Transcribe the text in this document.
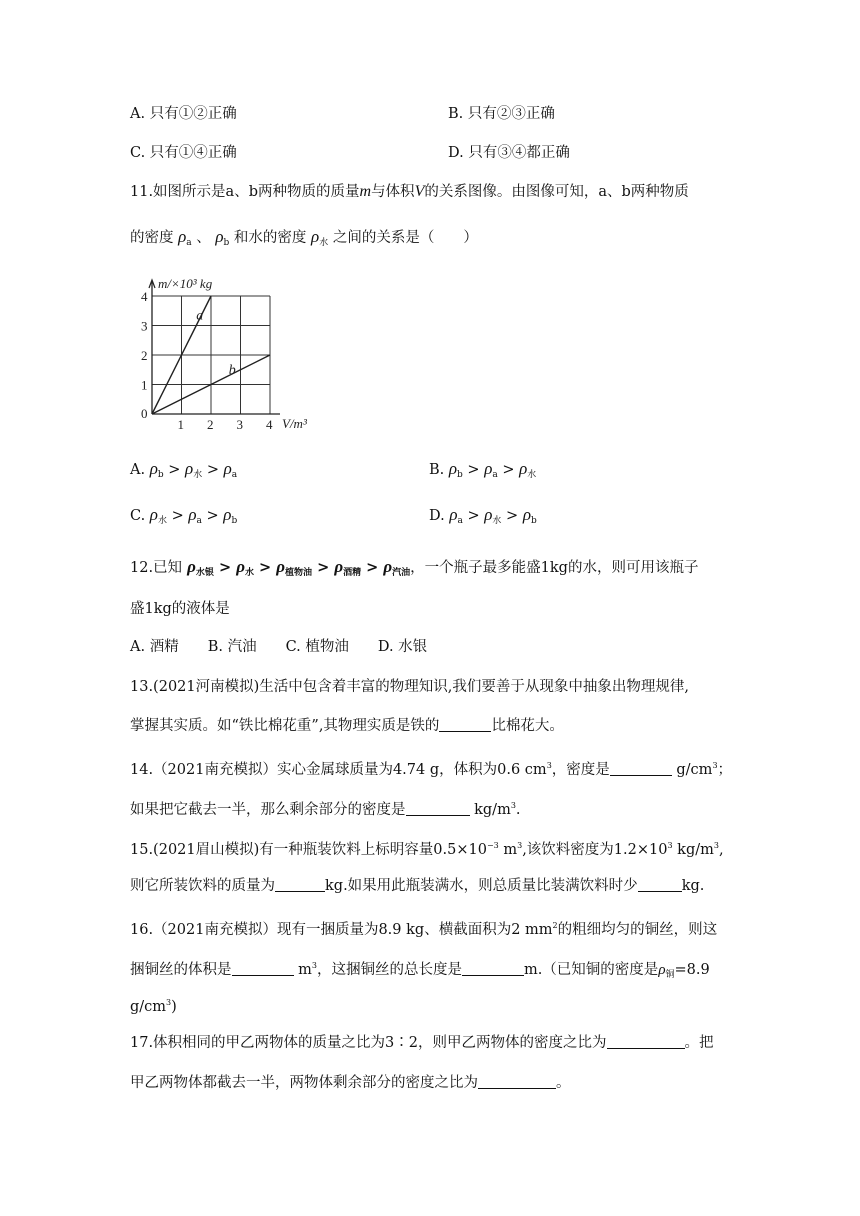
A. 只有①②正确	B. 只有②③正确
C. 只有①④正确	D. 只有③④都正确
11.如图所示是a、b两种物质的质量m与体积V的关系图像。由图像可知，a、b两种物质
的密度 $\rho_a$ 、 $\rho_b$ 和水的密度 $\rho_水$ 之间的关系是（　　）
a
b
1 2 3 4
1
2
3
4
0
m/×10³ kg
V/m³
A. $\rho_b > \rho_水 > \rho_a$	B. $\rho_b > \rho_a > \rho_水$
C. $\rho_水 > \rho_a > \rho_b$	D. $\rho_a > \rho_水 > \rho_b$
12.已知 $\rho_{水银} > \rho_水 > \rho_{植物油} > \rho_{酒精} > \rho_{汽油}$，一个瓶子最多能盛1kg的水，则可用该瓶子
盛1kg的液体是
A. 酒精　　B. 汽油　　C. 植物油　　D. 水银
13.(2021河南模拟)生活中包含着丰富的物理知识,我们要善于从现象中抽象出物理规律,
掌握其实质。如“铁比棉花重”,其物理实质是铁的	比棉花大。
14.（2021南充模拟）实心金属球质量为4.74 g，体积为0.6 $cm^3$，密度是	$g/cm^3$；
如果把它截去一半，那么剩余部分的密度是	$kg/m^3$.
15.(2021眉山模拟)有一种瓶装饮料上标明容量$0.5\times 10^{-3}$ $m^3$,该饮料密度为$1.2\times 10^3$ $kg/m^3$,
则它所装饮料的质量为	kg.如果用此瓶装满水，则总质量比装满饮料时少	kg.
16.（2021南充模拟）现有一捆质量为8.9 kg、横截面积为2 $mm^2$的粗细均匀的铜丝，则这
捆铜丝的体积是	$m^3$，这捆铜丝的总长度是	m.（已知铜的密度是$\rho_铜=8.9$
$g/cm^3$)
17.体积相同的甲乙两物体的质量之比为3∶2，则甲乙两物体的密度之比为	。把
甲乙两物体都截去一半，两物体剩余部分的密度之比为	。
